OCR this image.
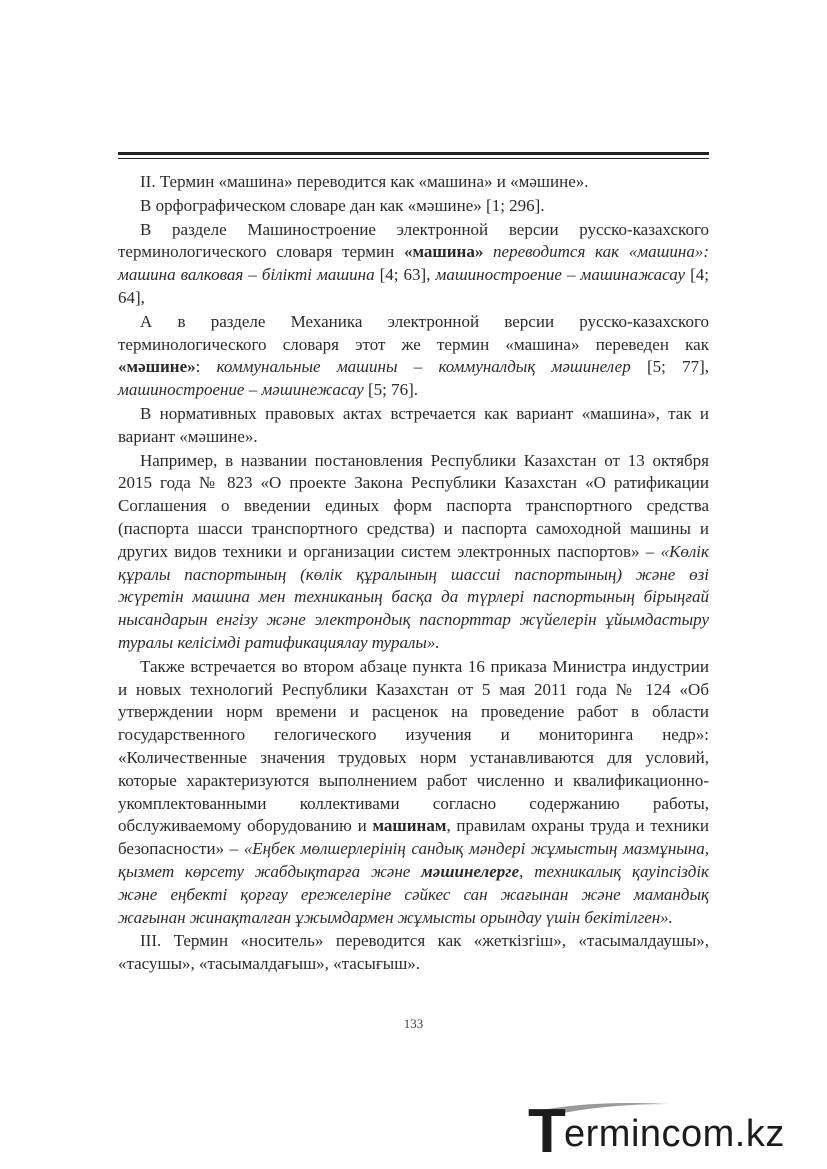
II. Термин «машина» переводится как «машина» и «мәшине».

В орфографическом словаре дан как «мәшине» [1; 296].

В разделе Машиностроение электронной версии русско-казахского терминологического словаря термин «машина» переводится как «машина»: машина валковая – білікті машина [4; 63], машиностроение – машинажасау [4; 64],

А в разделе Механика электронной версии русско-казахского терминологического словаря этот же термин «машина» переведен как «мәшине»: коммунальные машины – коммуналдық мәшинелер [5; 77], машиностроение – мәшинежасау [5; 76].

В нормативных правовых актах встречается как вариант «машина», так и вариант «мәшине».

Например, в названии постановления Республики Казахстан от 13 октября 2015 года № 823 «О проекте Закона Республики Казахстан «О ратификации Соглашения о введении единых форм паспорта транспортного средства (паспорта шасси транспортного средства) и паспорта самоходной машины и других видов техники и организации систем электронных паспортов» – «Көлік құралы паспортының (көлік құралының шассиі паспортының) және өзі жүретін машина мен техниканың басқа да түрлері паспортының бірыңғай нысандарын енгізу және электрондық паспорттар жүйелерін ұйымдастыру туралы келісімді ратификациялау туралы».

Также встречается во втором абзаце пункта 16 приказа Министра индустрии и новых технологий Республики Казахстан от 5 мая 2011 года № 124 «Об утверждении норм времени и расценок на проведение работ в области государственного гелогического изучения и мониторинга недр»: «Количественные значения трудовых норм устанавливаются для условий, которые характеризуются выполнением работ численно и квалификационно-укомплектованными коллективами согласно содержанию работы, обслуживаемому оборудованию и машинам, правилам охраны труда и техники безопасности» – «Еңбек мөлшерлерінің сандық мәндері жұмыстың мазмұнына, қызмет көрсету жабдықтарға және мәшинелерге, техникалық қауіпсіздік және еңбекті қорғау ережелеріне сәйкес сан жағынан және мамандық жағынан жинақталған ұжымдармен жұмысты орындау үшін бекітілген».

III. Термин «носитель» переводится как «жеткізгіш», «тасымалдаушы», «тасушы», «тасымалдағыш», «тасығыш».

133
T
ermincom.kz
